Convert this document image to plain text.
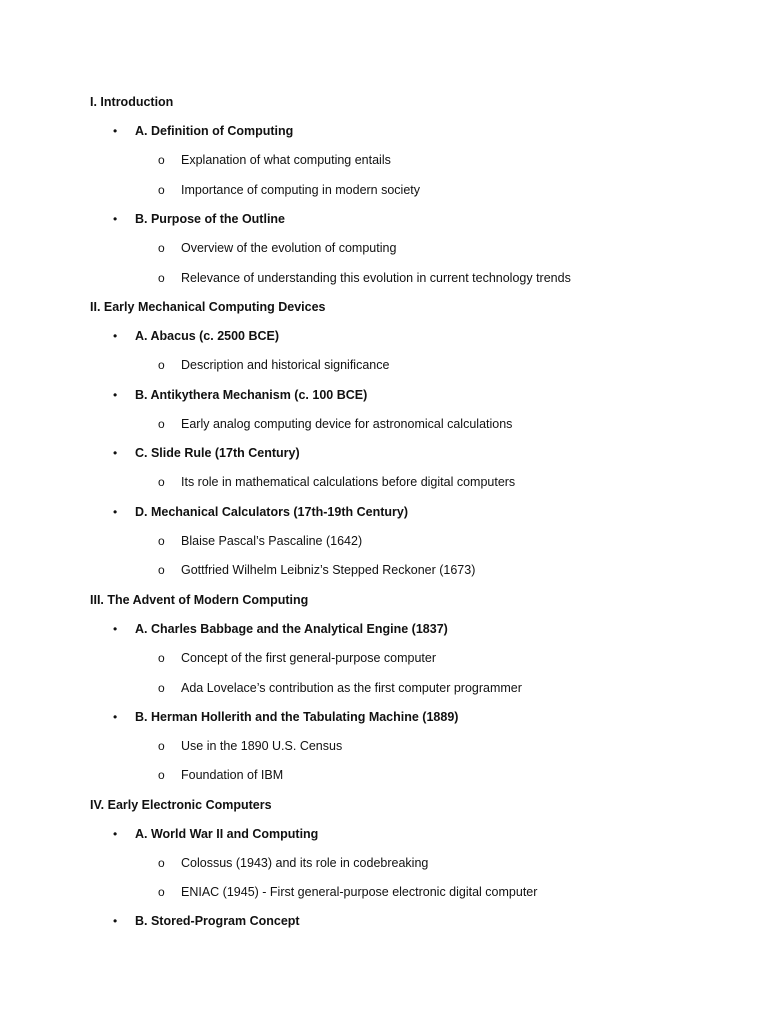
I. Introduction
• A. Definition of Computing
o Explanation of what computing entails
o Importance of computing in modern society
• B. Purpose of the Outline
o Overview of the evolution of computing
o Relevance of understanding this evolution in current technology trends
II. Early Mechanical Computing Devices
• A. Abacus (c. 2500 BCE)
o Description and historical significance
• B. Antikythera Mechanism (c. 100 BCE)
o Early analog computing device for astronomical calculations
• C. Slide Rule (17th Century)
o Its role in mathematical calculations before digital computers
• D. Mechanical Calculators (17th-19th Century)
o Blaise Pascal’s Pascaline (1642)
o Gottfried Wilhelm Leibniz’s Stepped Reckoner (1673)
III. The Advent of Modern Computing
• A. Charles Babbage and the Analytical Engine (1837)
o Concept of the first general-purpose computer
o Ada Lovelace’s contribution as the first computer programmer
• B. Herman Hollerith and the Tabulating Machine (1889)
o Use in the 1890 U.S. Census
o Foundation of IBM
IV. Early Electronic Computers
• A. World War II and Computing
o Colossus (1943) and its role in codebreaking
o ENIAC (1945) - First general-purpose electronic digital computer
• B. Stored-Program Concept
